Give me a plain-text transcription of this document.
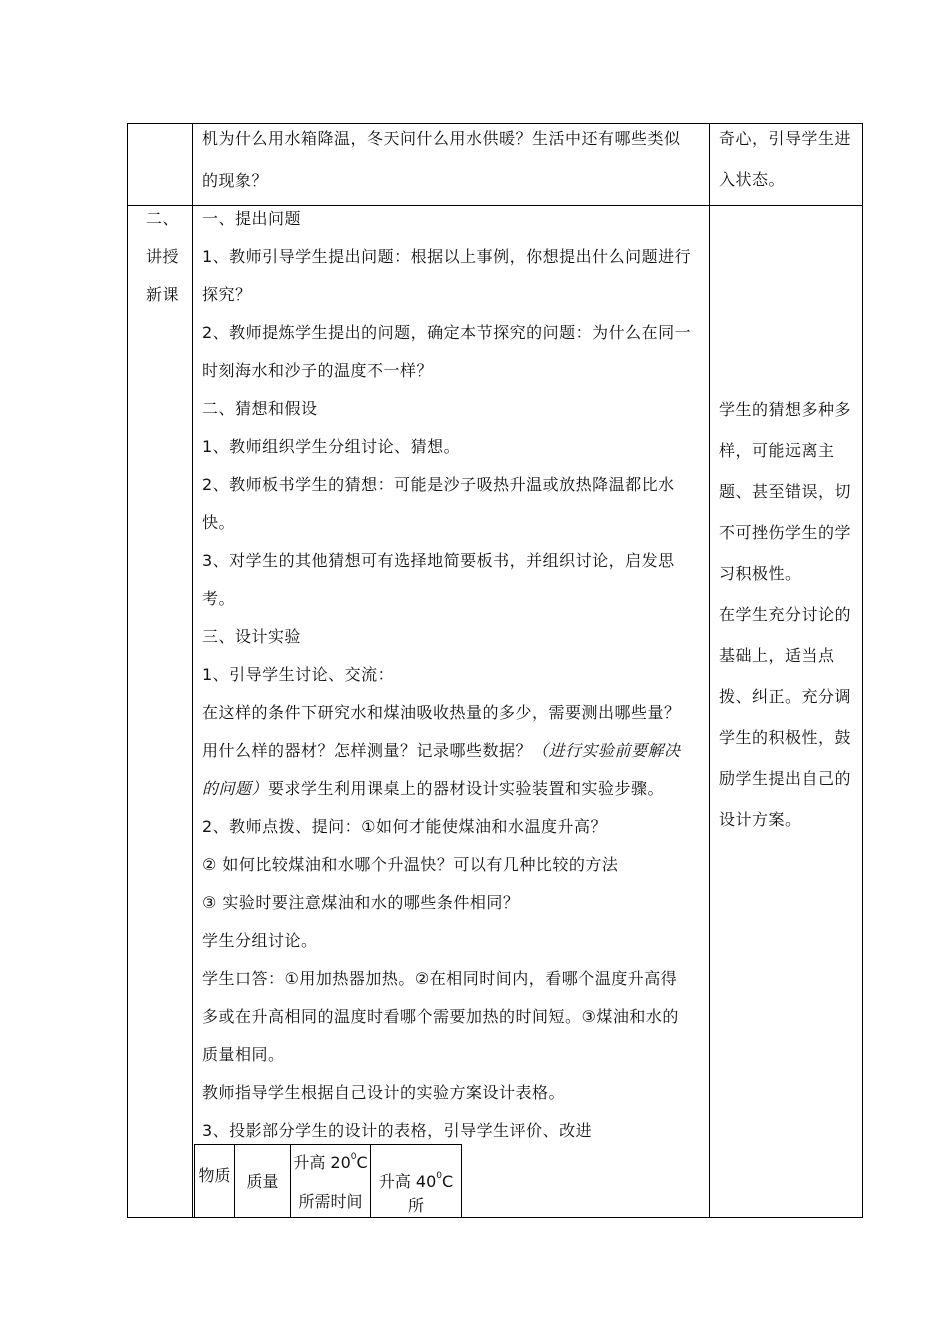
机为什么用水箱降温，冬天问什么用水供暖？生活中还有哪些类似

的现象？

奇心，引导学生进

入状态。

二、

讲授

新课

一、提出问题

1、教师引导学生提出问题：根据以上事例，你想提出什么问题进行

探究？

2、教师提炼学生提出的问题，确定本节探究的问题：为什么在同一

时刻海水和沙子的温度不一样？

二、猜想和假设

1、教师组织学生分组讨论、猜想。

2、教师板书学生的猜想：可能是沙子吸热升温或放热降温都比水

快。

3、对学生的其他猜想可有选择地简要板书，并组织讨论，启发思

考。

三、设计实验

1、引导学生讨论、交流：

在这样的条件下研究水和煤油吸收热量的多少，需要测出哪些量？

用什么样的器材？怎样测量？记录哪些数据？（进行实验前要解决

的问题）要求学生利用课桌上的器材设计实验装置和实验步骤。

2、教师点拨、提问：①如何才能使煤油和水温度升高？

② 如何比较煤油和水哪个升温快？可以有几种比较的方法

③ 实验时要注意煤油和水的哪些条件相同？

学生分组讨论。

学生口答：①用加热器加热。②在相同时间内，看哪个温度升高得

多或在升高相同的温度时看哪个需要加热的时间短。③煤油和水的

质量相同。

教师指导学生根据自己设计的实验方案设计表格。

3、投影部分学生的设计的表格，引导学生评价、改进

学生的猜想多种多

样，可能远离主

题、甚至错误，切

不可挫伤学生的学

习积极性。

在学生充分讨论的

基础上，适当点

拨、纠正。充分调

学生的积极性，鼓

励学生提出自己的

设计方案。

物质 质量
升高 $20^0C$
所需时间
升高 $40^0C$ 所
